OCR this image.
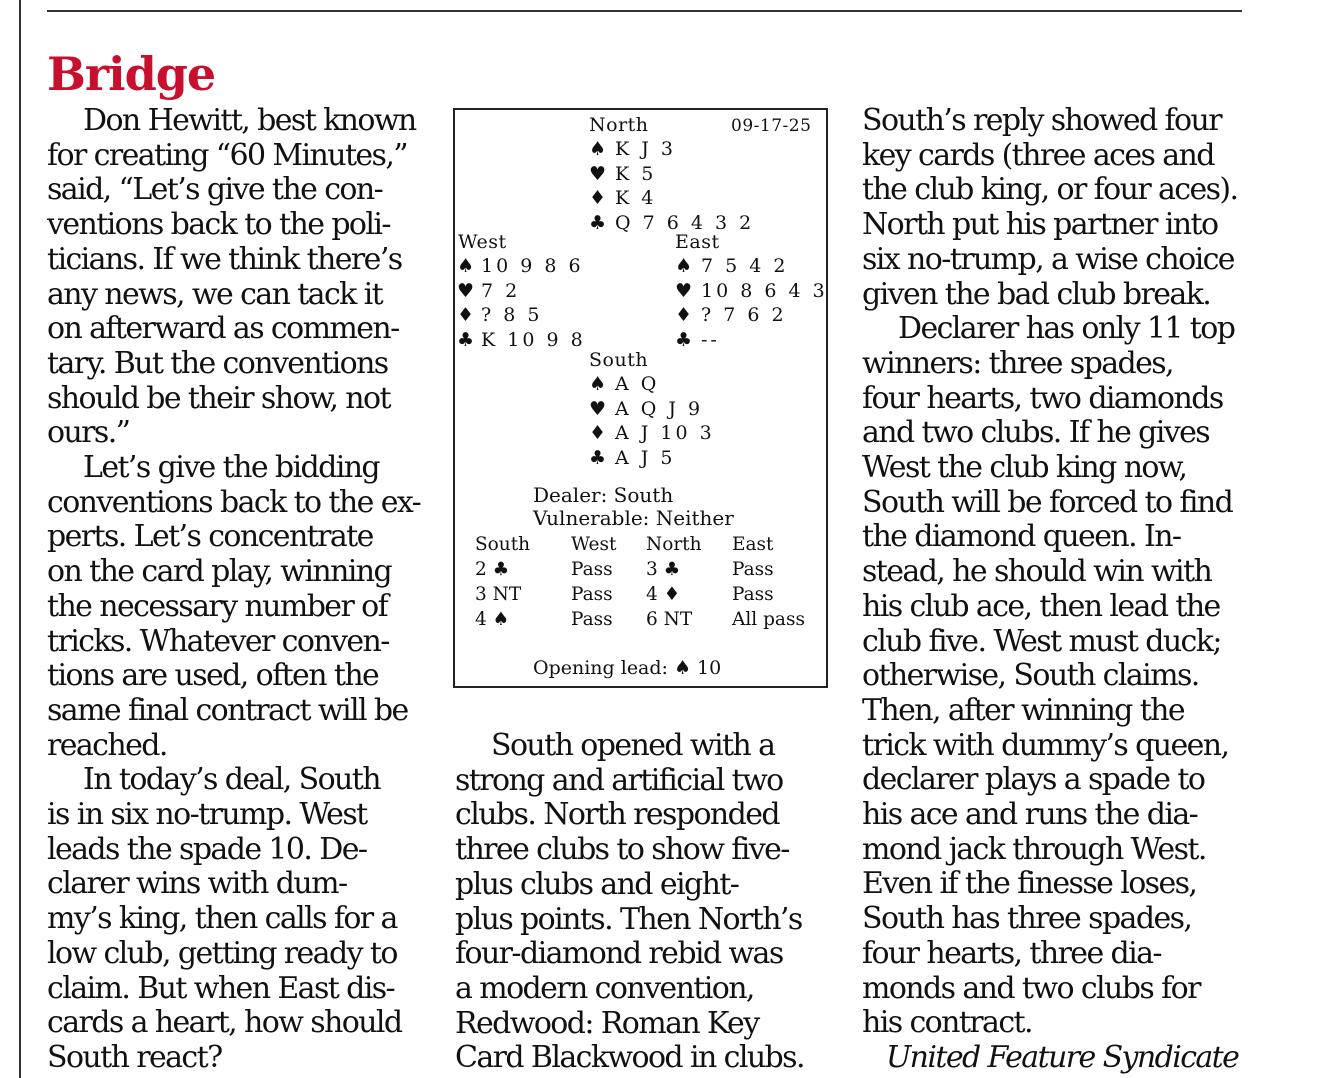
Bridge
Don Hewitt, best known
for creating “60 Minutes,”
said, “Let’s give the con-
ventions back to the poli-
ticians. If we think there’s
any news, we can tack it
on afterward as commen-
tary. But the conventions
should be their show, not
ours.”
Let’s give the bidding
conventions back to the ex-
perts. Let’s concentrate
on the card play, winning
the necessary number of
tricks. Whatever conven-
tions are used, often the
same final contract will be
reached.
In today’s deal, South
is in six no-trump. West
leads the spade 10. De-
clarer wins with dum-
my’s king, then calls for a
low club, getting ready to
claim. But when East dis-
cards a heart, how should
South react?
North	09-17-25
♠ K J 3
♥ K 5
♦ K 4
♣ Q 7 6 4 3 2
West
♠ 10 9 8 6
♥ 7 2
♦ ? 8 5
♣ K 10 9 8
East
♠ 7 5 4 2
♥ 10 8 6 4 3
♦ ? 7 6 2
♣ --
South
♠ A Q
♥ A Q J 9
♦ A J 10 3
♣ A J 5
Dealer: South
Vulnerable: Neither
South West North East
2 ♣	Pass 3 ♣	Pass
3 NT	Pass 4 ♦	Pass
4 ♠	Pass 6 NT All pass
Opening lead: ♠ 10
South opened with a
strong and artificial two
clubs. North responded
three clubs to show five-
plus clubs and eight-
plus points. Then North’s
four-diamond rebid was
a modern convention,
Redwood: Roman Key
Card Blackwood in clubs.
South’s reply showed four
key cards (three aces and
the club king, or four aces).
North put his partner into
six no-trump, a wise choice
given the bad club break.
Declarer has only 11 top
winners: three spades,
four hearts, two diamonds
and two clubs. If he gives
West the club king now,
South will be forced to find
the diamond queen. In-
stead, he should win with
his club ace, then lead the
club five. West must duck;
otherwise, South claims.
Then, after winning the
trick with dummy’s queen,
declarer plays a spade to
his ace and runs the dia-
mond jack through West.
Even if the finesse loses,
South has three spades,
four hearts, three dia-
monds and two clubs for
his contract.
United Feature Syndicate
